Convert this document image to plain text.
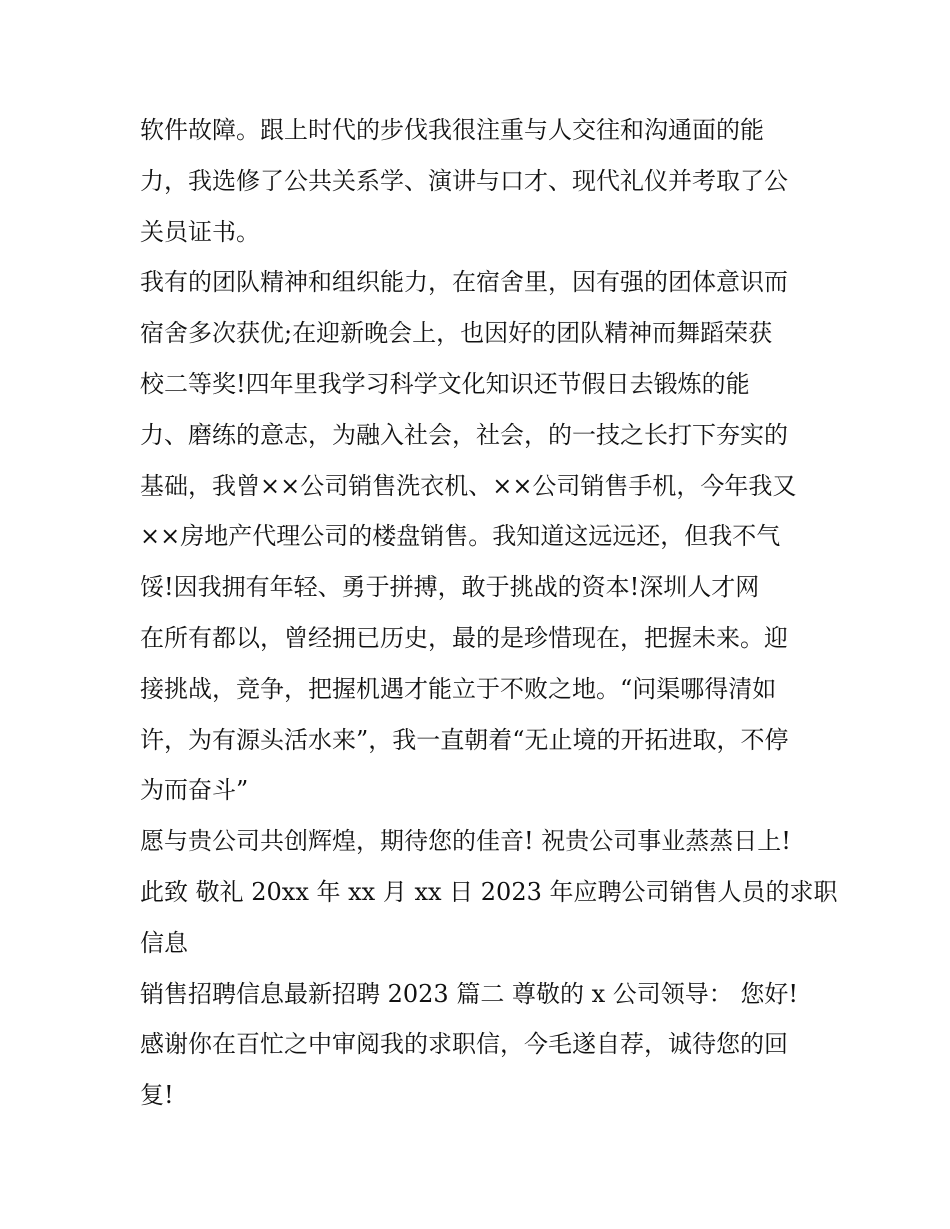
软件故障。跟上时代的步伐我很注重与人交往和沟通面的能
力，我选修了公共关系学、演讲与口才、现代礼仪并考取了公
关员证书。
我有的团队精神和组织能力，在宿舍里，因有强的团体意识而
宿舍多次获优;在迎新晚会上，也因好的团队精神而舞蹈荣获
校二等奖!四年里我学习科学文化知识还节假日去锻炼的能
力、磨练的意志，为融入社会，社会，的一技之长打下夯实的
基础，我曾××公司销售洗衣机、××公司销售手机，今年我又
××房地产代理公司的楼盘销售。我知道这远远还，但我不气
馁!因我拥有年轻、勇于拼搏，敢于挑战的资本!深圳人才网
在所有都以，曾经拥已历史，最的是珍惜现在，把握未来。迎
接挑战，竞争，把握机遇才能立于不败之地。“问渠哪得清如
许，为有源头活水来”，我一直朝着“无止境的开拓进取，不停
为而奋斗”
愿与贵公司共创辉煌，期待您的佳音! 祝贵公司事业蒸蒸日上!
此致 敬礼 20xx 年 xx 月 xx 日 2023 年应聘公司销售人员的求职
信息
销售招聘信息最新招聘 2023 篇二 尊敬的 x 公司领导： 您好!
感谢你在百忙之中审阅我的求职信，今毛遂自荐，诚待您的回
复!
